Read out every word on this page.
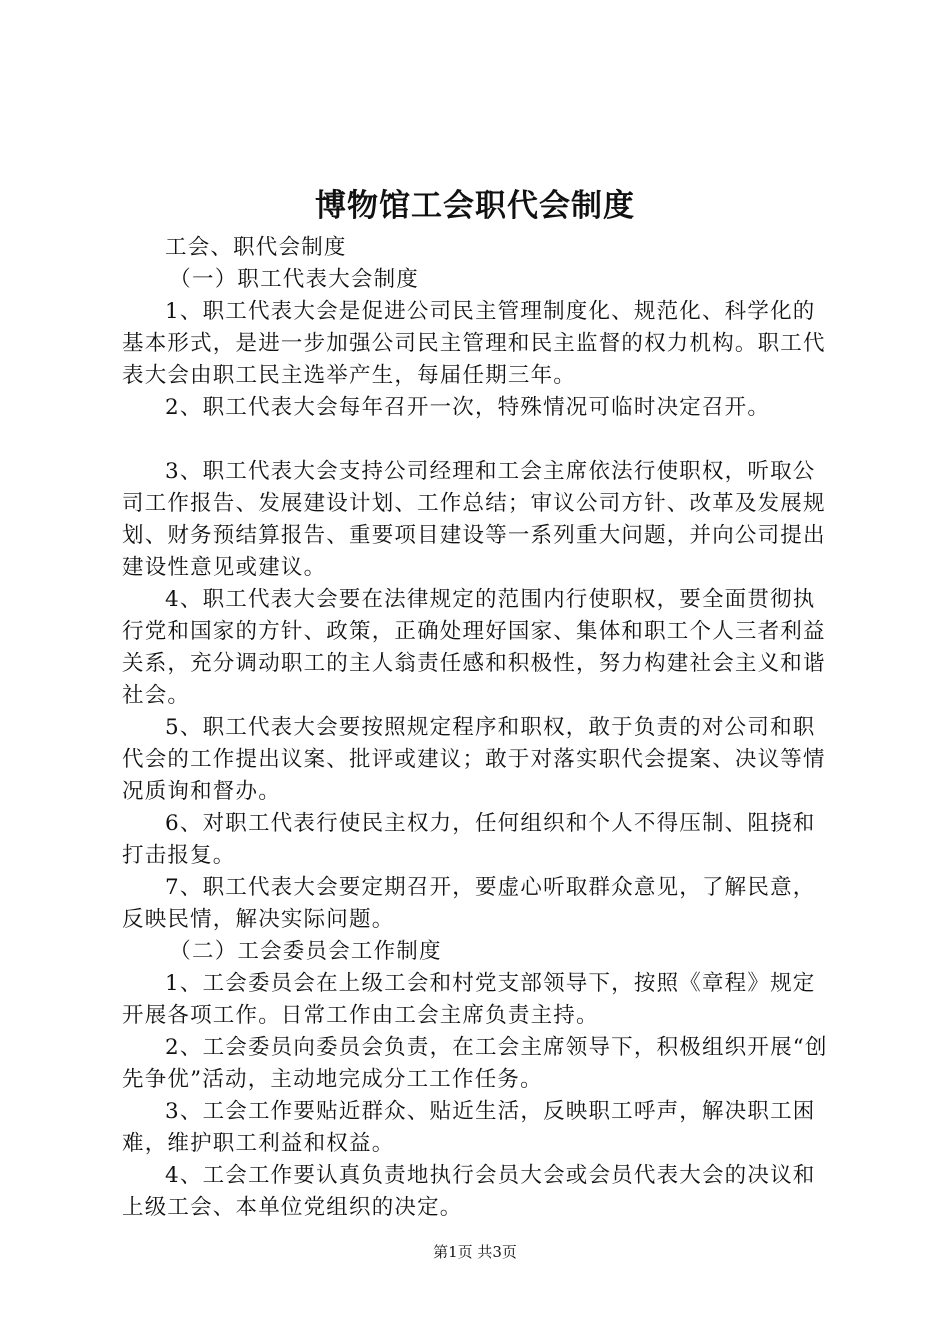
博物馆工会职代会制度

工会、职代会制度

（一）职工代表大会制度

1、职工代表大会是促进公司民主管理制度化、规范化、科学化的基本形式，是进一步加强公司民主管理和民主监督的权力机构。职工代表大会由职工民主选举产生，每届任期三年。

2、职工代表大会每年召开一次，特殊情况可临时决定召开。

3、职工代表大会支持公司经理和工会主席依法行使职权，听取公司工作报告、发展建设计划、工作总结；审议公司方针、改革及发展规划、财务预结算报告、重要项目建设等一系列重大问题，并向公司提出建设性意见或建议。

4、职工代表大会要在法律规定的范围内行使职权，要全面贯彻执行党和国家的方针、政策，正确处理好国家、集体和职工个人三者利益关系，充分调动职工的主人翁责任感和积极性，努力构建社会主义和谐社会。

5、职工代表大会要按照规定程序和职权，敢于负责的对公司和职代会的工作提出议案、批评或建议；敢于对落实职代会提案、决议等情况质询和督办。

6、对职工代表行使民主权力，任何组织和个人不得压制、阻挠和打击报复。

7、职工代表大会要定期召开，要虚心听取群众意见，了解民意，反映民情，解决实际问题。

（二）工会委员会工作制度

1、工会委员会在上级工会和村党支部领导下，按照《章程》规定开展各项工作。日常工作由工会主席负责主持。

2、工会委员向委员会负责，在工会主席领导下，积极组织开展“创先争优”活动，主动地完成分工工作任务。

3、工会工作要贴近群众、贴近生活，反映职工呼声，解决职工困难，维护职工利益和权益。

4、工会工作要认真负责地执行会员大会或会员代表大会的决议和上级工会、本单位党组织的决定。

第1页 共3页
